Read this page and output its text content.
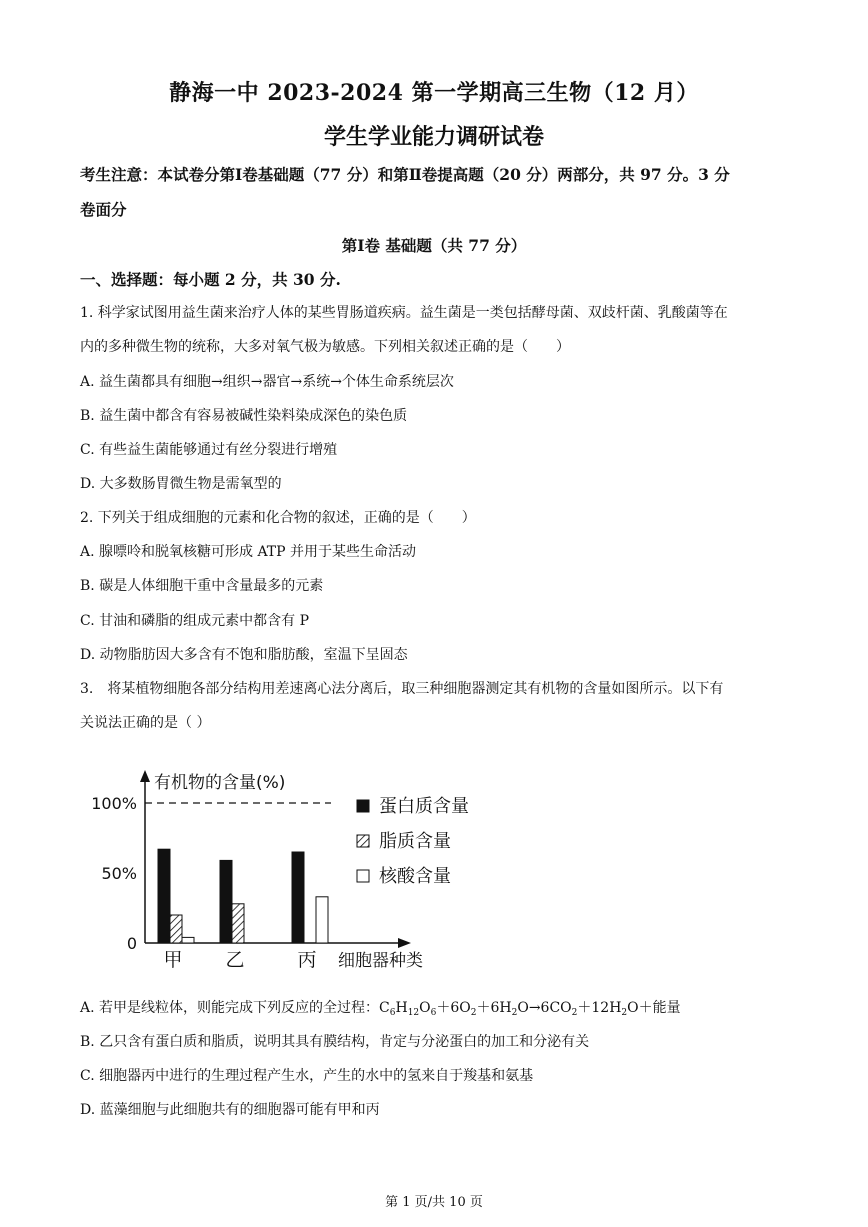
静海一中 2023-2024 第一学期高三生物（12 月）
学生学业能力调研试卷
考生注意：本试卷分第Ⅰ卷基础题（77 分）和第Ⅱ卷提高题（20 分）两部分，共 97 分。3 分
卷面分
第Ⅰ卷 基础题（共 77 分）
一、选择题：每小题 2 分，共 30 分.
1. 科学家试图用益生菌来治疗人体的某些胃肠道疾病。益生菌是一类包括酵母菌、双歧杆菌、乳酸菌等在
内的多种微生物的统称，大多对氧气极为敏感。下列相关叙述正确的是（　　）
A. 益生菌都具有细胞→组织→器官→系统→个体生命系统层次
B. 益生菌中都含有容易被碱性染料染成深色的染色质
C. 有些益生菌能够通过有丝分裂进行增殖
D. 大多数肠胃微生物是需氧型的
2. 下列关于组成细胞的元素和化合物的叙述，正确的是（　　）
A. 腺嘌呤和脱氧核糖可形成 ATP 并用于某些生命活动
B. 碳是人体细胞干重中含量最多的元素
C. 甘油和磷脂的组成元素中都含有 P
D. 动物脂肪因大多含有不饱和脂肪酸，室温下呈固态
3.　将某植物细胞各部分结构用差速离心法分离后，取三种细胞器测定其有机物的含量如图所示。以下有
关说法正确的是（ ）
有机物的含量(%)
细胞器种类
0
50%
100%
甲 乙	丙
蛋白质含量
脂质含量
核酸含量
A. 若甲是线粒体，则能完成下列反应的全过程：$C_6H_{12}O_6+6O_2+6H_2O\to 6CO_2+12H_2O+$能量
B. 乙只含有蛋白质和脂质，说明其具有膜结构，肯定与分泌蛋白的加工和分泌有关
C. 细胞器丙中进行的生理过程产生水，产生的水中的氢来自于羧基和氨基
D. 蓝藻细胞与此细胞共有的细胞器可能有甲和丙
第 1 页/共 10 页
